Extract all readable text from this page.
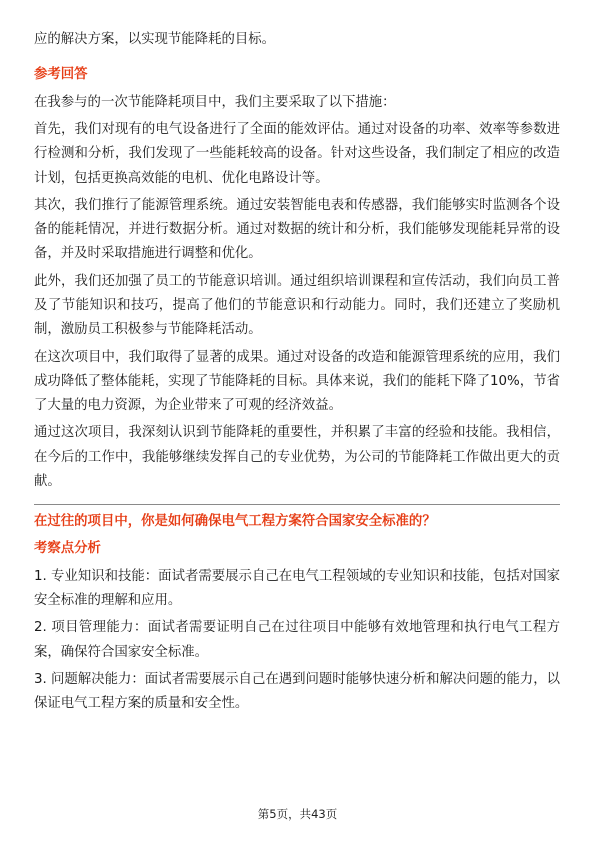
应的解决方案，以实现节能降耗的目标。

参考回答

在我参与的一次节能降耗项目中，我们主要采取了以下措施：

首先，我们对现有的电气设备进行了全面的能效评估。通过对设备的功率、效率等参数进行检测和分析，我们发现了一些能耗较高的设备。针对这些设备，我们制定了相应的改造计划，包括更换高效能的电机、优化电路设计等。

其次，我们推行了能源管理系统。通过安装智能电表和传感器，我们能够实时监测各个设备的能耗情况，并进行数据分析。通过对数据的统计和分析，我们能够发现能耗异常的设备，并及时采取措施进行调整和优化。

此外，我们还加强了员工的节能意识培训。通过组织培训课程和宣传活动，我们向员工普及了节能知识和技巧，提高了他们的节能意识和行动能力。同时，我们还建立了奖励机制，激励员工积极参与节能降耗活动。

在这次项目中，我们取得了显著的成果。通过对设备的改造和能源管理系统的应用，我们成功降低了整体能耗，实现了节能降耗的目标。具体来说，我们的能耗下降了10%，节省了大量的电力资源，为企业带来了可观的经济效益。

通过这次项目，我深刻认识到节能降耗的重要性，并积累了丰富的经验和技能。我相信，在今后的工作中，我能够继续发挥自己的专业优势，为公司的节能降耗工作做出更大的贡献。

在过往的项目中，你是如何确保电气工程方案符合国家安全标准的？
考察点分析

1. 专业知识和技能：面试者需要展示自己在电气工程领域的专业知识和技能，包括对国家安全标准的理解和应用。

2. 项目管理能力：面试者需要证明自己在过往项目中能够有效地管理和执行电气工程方案，确保符合国家安全标准。

3. 问题解决能力：面试者需要展示自己在遇到问题时能够快速分析和解决问题的能力，以保证电气工程方案的质量和安全性。

第5页，共43页
